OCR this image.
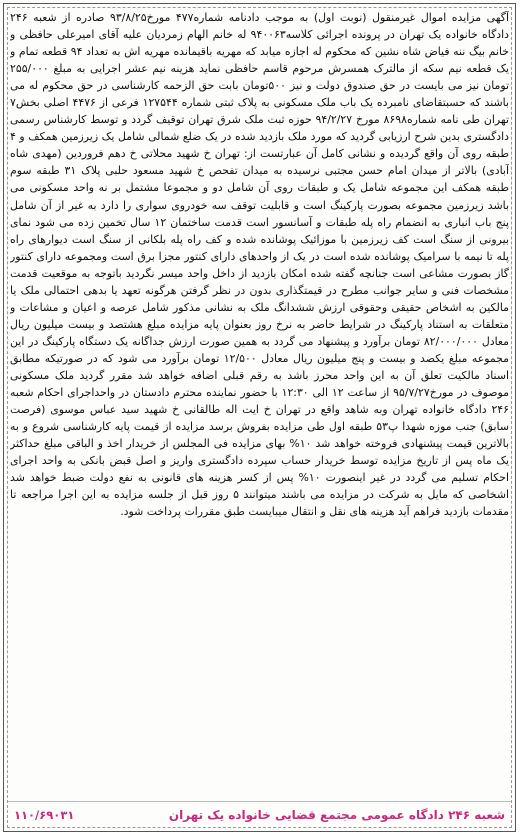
آگهی مزایده اموال غیرمنقول (نوبت اول) به موجب دادنامه شماره۴۷۷ مورخ۹۳/۸/۲۵ صادره از شعبه ۲۴۶ دادگاه خانواده یک تهران در پرونده اجرائی کلاسه۹۴۰۰۶۳ له خانم الهام زمردیان علیه آقای امیرعلی حافظی و خانم بیگ ننه فیاض شاه نشین که محکوم له اجازه میابد که مهریه باقیمانده مهریه اش به تعداد ۹۴ قطعه تمام و یک قطعه نیم سکه از مالترک همسرش مرحوم قاسم حافظی نماید هزینه نیم عشر اجرایی به مبلغ ۲۵۵/۰۰۰ تومان نیز می بایست در حق صندوق دولت و نیز ۵۰۰تومان بابت حق الزحمه کارشناسی در حق محکوم له می باشند که حسبتقاضای نامبرده یک باب ملک مسکونی به پلاک ثبتی شماره ۱۲۷۵۴۴ فرعی از ۴۴۷۶ اصلی بخش۷ تهران طی نامه شماره۸۶۹۸ مورخ ۹۴/۲/۲۷ حوزه ثبت ملک شرق تهران توقیف گردد و توسط کارشناس رسمی دادگستری بدین شرح ارزیابی گردید که مورد ملک بازدید شده در یک ضلع شمالی شامل یک زیرزمین همکف و ۴ طبقه روی آن واقع گردیده و نشانی کامل آن عبارتست از: تهران خ شهید محلاتی خ دهم فروردین (مهدی شاه آبادی) بالاتر از میدان امام حسن مجتبی نرسیده به میدان تفحص خ شهید مسعود حلبی پلاک ۳۱ طبقه سوم طبقه همکف این مجموعه شامل یک و طبقات روی آن شامل دو و مجموعا مشتمل بر نه واحد مسکونی می باشد زیرزمین مجموعه بصورت پارکینگ است و قابلیت توقف سه خودروی سواری را دارد به غیر از آن شامل پنج باب انباری به انضمام راه پله طبقات و آسانسور است قدمت ساختمان ۱۲ سال تخمین زده می شود نمای بیرونی از سنگ است کف زیرزمین با موزائیک پوشانده شده و کف راه پله بلکانی از سنگ است دیوارهای راه پله تا نیمه با سرامیک پوشانده شده است در یک از واحدهای دارای کنتور مجزا برق است ومجموعه دارای کنتور گاز بصورت مشاعی است جنانچه گفته شده امکان بازدید از داخل واحد میسر نگردید باتوجه به موقعیت قدمت مشخصات فنی و سایر جوانب مطرح در قیمتگذاری بدون در نظر گرفتن هرگونه تعهد یا بدهی احتمالی ملک یا مالکین به اشخاص حقیقی وحقوقی ارزش ششدانگ ملک به نشانی مذکور شامل عرصه و اعیان و مشاعات و متعلقات به استناد پارکینگ در شرایط حاضر به نرخ روز بعنوان پایه مزایده مبلغ هشتصد و بیست میلیون ریال معادل ۸۲/۰۰۰/۰۰۰ تومان برآورد و پیشنهاد می گردد به همین صورت ارزش جداگانه یک دستگاه پارکینگ در این مجموعه مبلغ یکصد و بیست و پنج میلیون ریال معادل ۱۲/۵۰۰ تومان برآورد می شود که در صورتیکه مطابق اسناد مالکیت تعلق آن به این واحد محرز باشد به رقم قبلی اضافه خواهد شد مقرر گردید ملک مسکونی موصوف در مورخ۹۵/۷/۲۷ از ساعت ۱۲ الی ۱۲:۳۰ با حضور نماینده محترم دادستان در واحداجرای احکام شعبه ۲۴۶ دادگاه خانواده تهران وبه شاهد واقع در تهران خ ایت اله طالقانی خ شهید سید عباس موسوی (فرصت سابق) جنب موزه شهدا پ۵۳ طبقه اول طی مزایده بفروش برسد مزایده از قیمت پایه کارشناسی شروع و به بالاترین قیمت پیشنهادی فروخته خواهد شد ۱۰% بهای مزایده فی المجلس از خریدار اخذ و الباقی مبلغ حداکثر یک ماه پس از تاریخ مزایده توسط خریدار حساب سپرده دادگستری واریز و اصل قبض بانکی به واحد اجرای احکام تسلیم می گردد در غیر اینصورت ۱۰% پس از کسر هزینه های قانونی به نفع دولت ضبط خواهد شد اشخاصی که مایل به شرکت در مزایده می باشند میتوانند ۵ روز قبل از جلسه مزایده به این اجرا مراجعه تا مقدمات بازدید فراهم آید هزینه های نقل و انتقال میبایست طبق مقررات پرداخت شود.
شعبه ۲۴۶ دادگاه عمومی مجتمع قضایی خانواده یک تهران
۱۱۰/۶۹۰۳۱
